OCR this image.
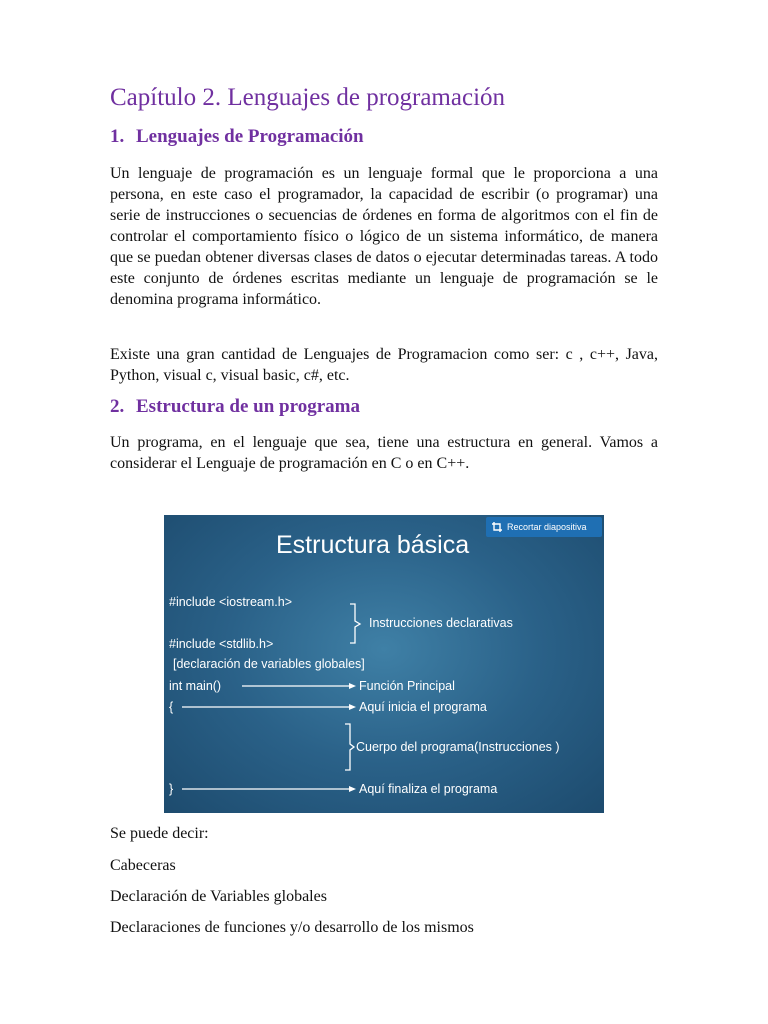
Capítulo 2. Lenguajes de programación
1. Lenguajes de Programación

Un lenguaje de programación es un lenguaje formal que le proporciona a una persona, en este caso el programador, la capacidad de escribir (o programar) una serie de instrucciones o secuencias de órdenes en forma de algoritmos con el fin de controlar el comportamiento físico o lógico de un sistema informático, de manera que se puedan obtener diversas clases de datos o ejecutar determinadas tareas. A todo este conjunto de órdenes escritas mediante un lenguaje de programación se le denomina programa informático.

Existe una gran cantidad de Lenguajes de Programacion como ser: c , c++, Java, Python, visual c, visual basic, c#, etc.

2. Estructura de un programa

Un programa, en el lenguaje que sea, tiene una estructura en general. Vamos a considerar el Lenguaje de programación en C o en C++.

Recortar diapositiva
Estructura básica
#include <iostream.h>
#include <stdlib.h>
[declaración de variables globales]
int main()
{
}
Instrucciones declarativas
Función Principal
Aquí inicia el programa
Cuerpo del programa(Instrucciones )
Aquí finaliza el programa

Se puede decir:

Cabeceras

Declaración de Variables globales

Declaraciones de funciones y/o desarrollo de los mismos
